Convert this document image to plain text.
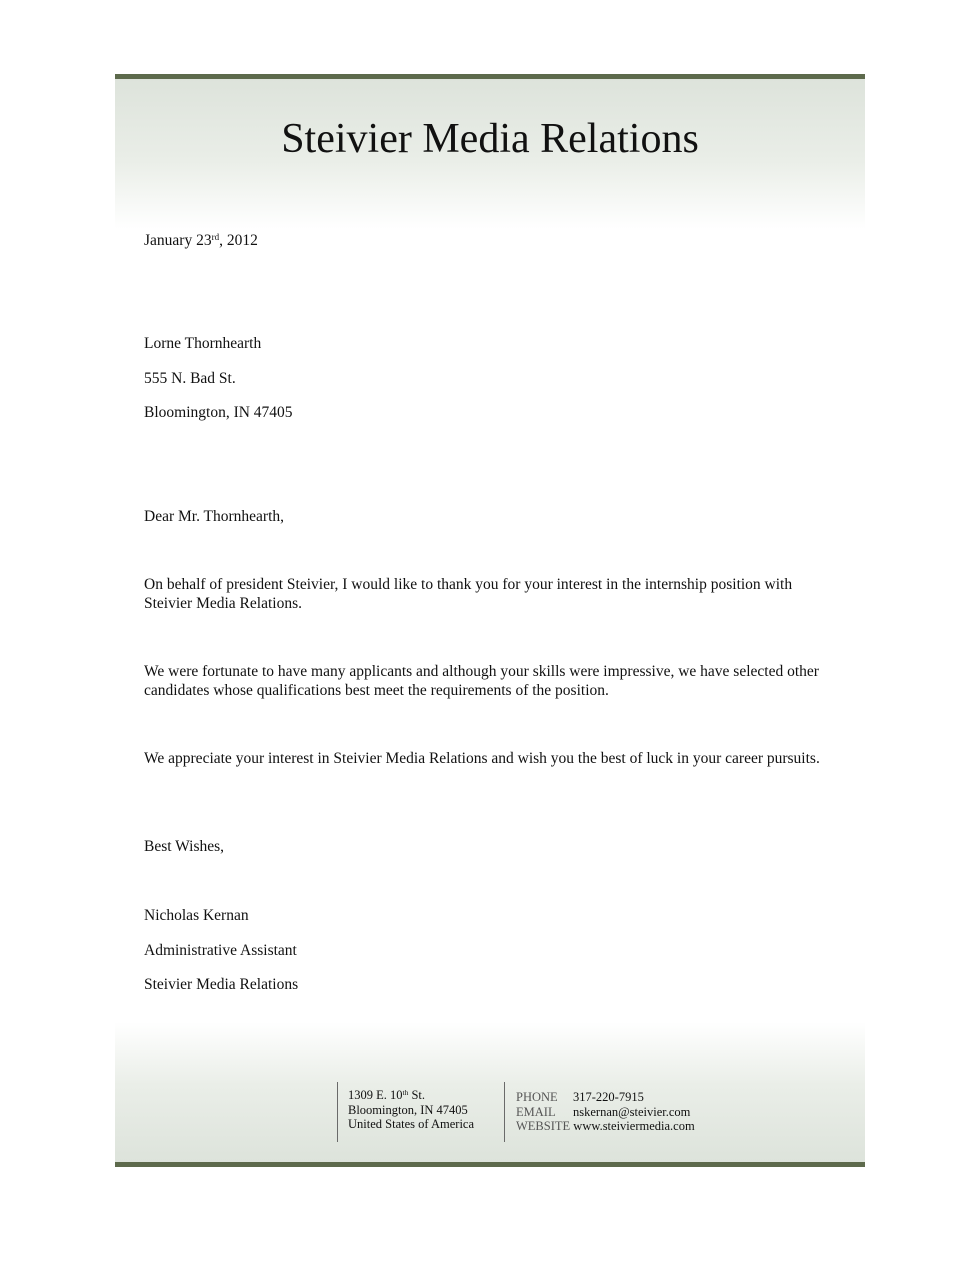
Steivier Media Relations
January 23rd, 2012
Lorne Thornhearth
555 N. Bad St.
Bloomington, IN 47405
Dear Mr. Thornhearth,
On behalf of president Steivier, I would like to thank you for your interest in the internship position with Steivier Media Relations.
We were fortunate to have many applicants and although your skills were impressive, we have selected other candidates whose qualifications best meet the requirements of the position.
We appreciate your interest in Steivier Media Relations and wish you the best of luck in your career pursuits.
Best Wishes,
Nicholas Kernan
Administrative Assistant
Steivier Media Relations
1309 E. 10th St.
Bloomington, IN 47405
United States of America
PHONE 317-220-7915
EMAIL nskernan@steivier.com
WEBSITE www.steiviermedia.com
